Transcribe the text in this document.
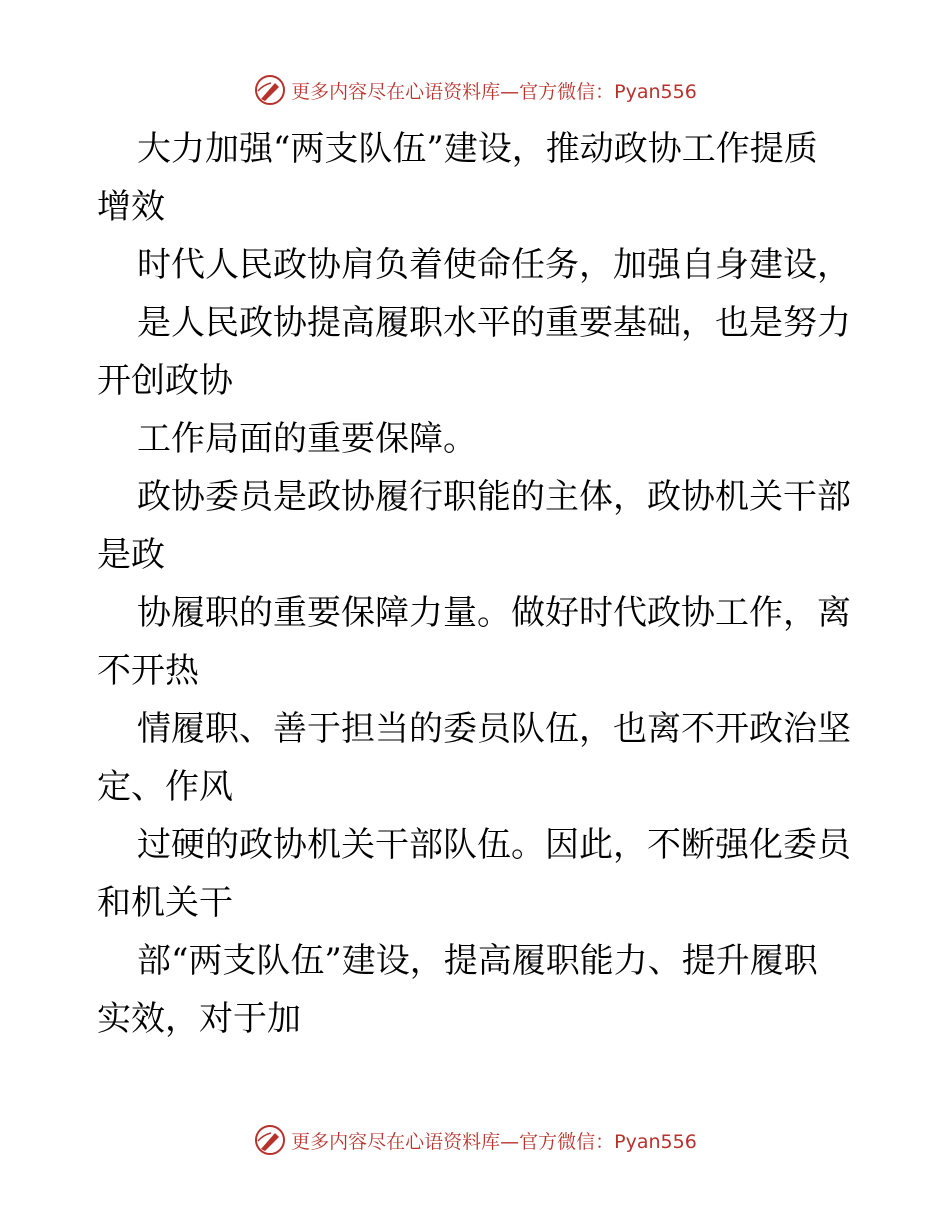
更多内容尽在心语资料库—官方微信：Pyan556

大力加强“两支队伍”建设，推动政协工作提质

增效

时代人民政协肩负着使命任务，加强自身建设，

是人民政协提高履职水平的重要基础，也是努力

开创政协

工作局面的重要保障。

政协委员是政协履行职能的主体，政协机关干部

是政

协履职的重要保障力量。做好时代政协工作，离

不开热

情履职、善于担当的委员队伍，也离不开政治坚

定、作风

过硬的政协机关干部队伍。因此，不断强化委员

和机关干

部“两支队伍”建设，提高履职能力、提升履职

实效，对于加

更多内容尽在心语资料库—官方微信：Pyan556
